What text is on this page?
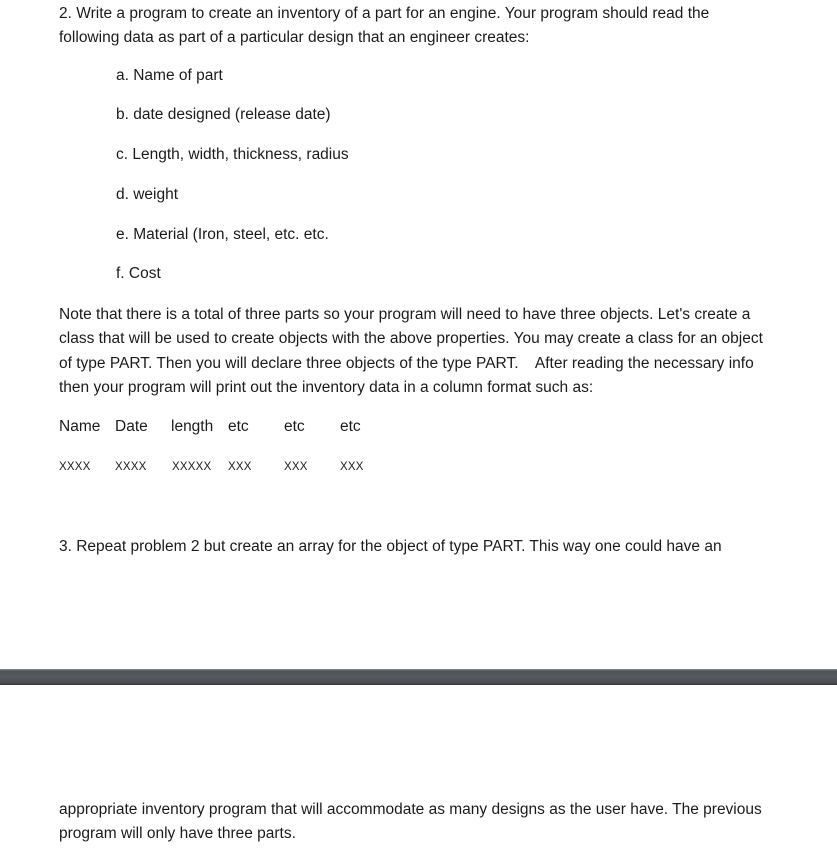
2. Write a program to create an inventory of a part for an engine. Your program should read the
following data as part of a particular design that an engineer creates:
a. Name of part
b. date designed (release date)
c. Length, width, thickness, radius
d. weight
e. Material (Iron, steel, etc. etc.
f. Cost
Note that there is a total of three parts so your program will need to have three objects. Let's create a
class that will be used to create objects with the above properties. You may create a class for an object
of type PART. Then you will declare three objects of the type PART.    After reading the necessary info
then your program will print out the inventory data in a column format such as:
Name Date length etc etc etc
XXXX XXXX XXXXX XXX	XXX	XXX
3. Repeat problem 2 but create an array for the object of type PART. This way one could have an
appropriate inventory program that will accommodate as many designs as the user have. The previous
program will only have three parts.
